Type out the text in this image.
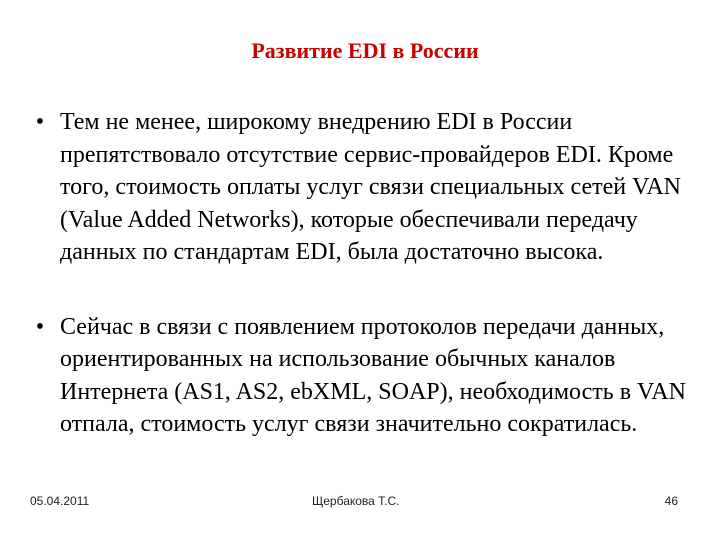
Развитие EDI в России
• Тем не менее, широкому внедрению EDI в России препятствовало отсутствие сервис-провайдеров EDI. Кроме того, стоимость оплаты услуг связи специальных сетей VAN (Value Added Networks), которые обеспечивали передачу данных по стандартам EDI, была достаточно высока.
• Сейчас в связи с появлением протоколов передачи данных, ориентированных на использование обычных каналов Интернета (AS1, AS2, ebXML, SOAP), необходимость в VAN отпала, стоимость услуг связи значительно сократилась.
05.04.2011	Щербакова Т.С.	46
